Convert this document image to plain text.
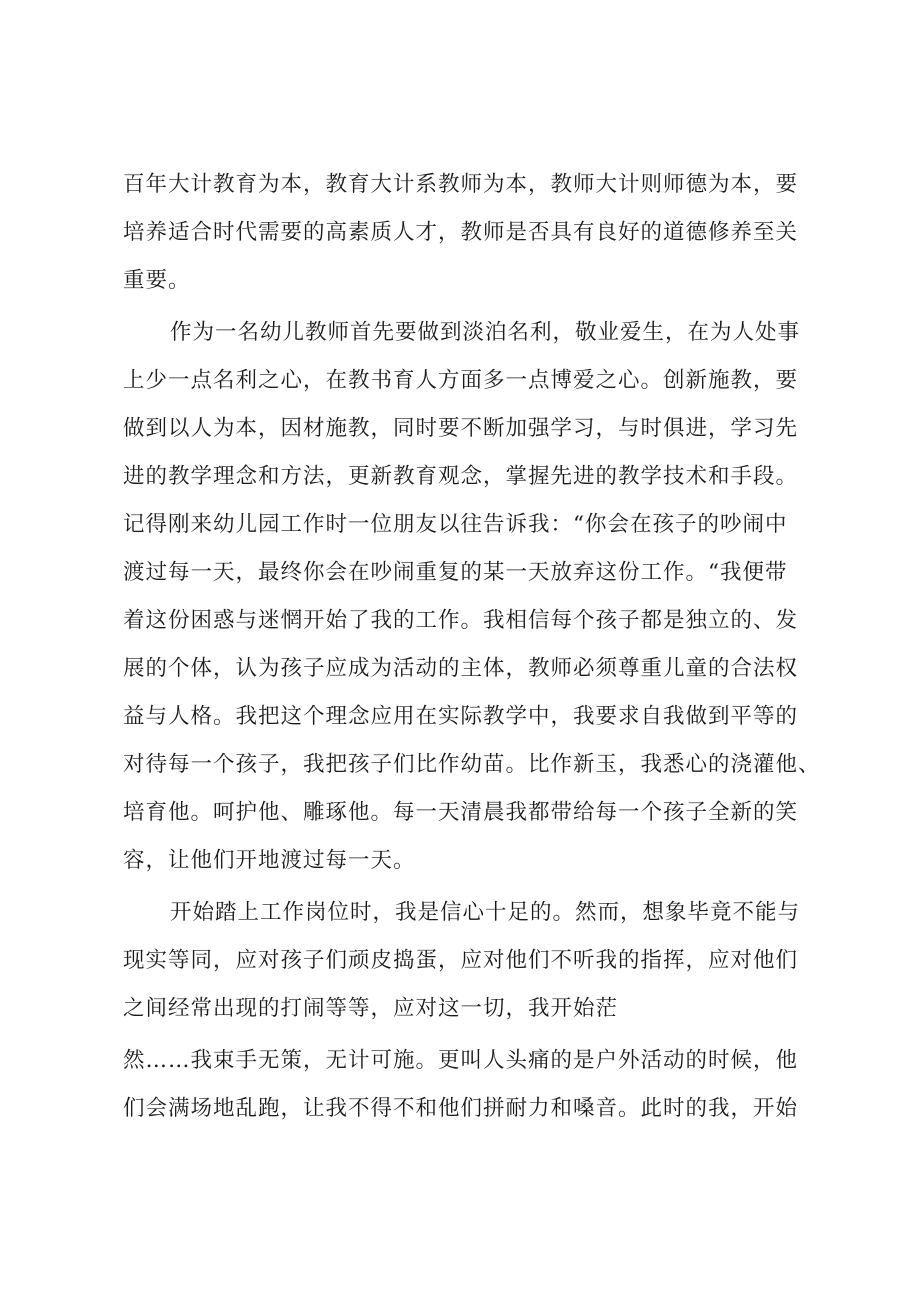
百年大计教育为本，教育大计系教师为本，教师大计则师德为本，要
培养适合时代需要的高素质人才，教师是否具有良好的道德修养至关
重要。
作为一名幼儿教师首先要做到淡泊名利，敬业爱生，在为人处事
上少一点名利之心，在教书育人方面多一点博爱之心。创新施教，要
做到以人为本，因材施教，同时要不断加强学习，与时俱进，学习先
进的教学理念和方法，更新教育观念，掌握先进的教学技术和手段。
记得刚来幼儿园工作时一位朋友以往告诉我：“你会在孩子的吵闹中
渡过每一天，最终你会在吵闹重复的某一天放弃这份工作。“我便带
着这份困惑与迷惘开始了我的工作。我相信每个孩子都是独立的、发
展的个体，认为孩子应成为活动的主体，教师必须尊重儿童的合法权
益与人格。我把这个理念应用在实际教学中，我要求自我做到平等的
对待每一个孩子，我把孩子们比作幼苗。比作新玉，我悉心的浇灌他、
培育他。呵护他、雕琢他。每一天清晨我都带给每一个孩子全新的笑
容，让他们开地渡过每一天。
开始踏上工作岗位时，我是信心十足的。然而，想象毕竟不能与
现实等同，应对孩子们顽皮捣蛋，应对他们不听我的指挥，应对他们
之间经常出现的打闹等等，应对这一切，我开始茫
然……我束手无策，无计可施。更叫人头痛的是户外活动的时候，他
们会满场地乱跑，让我不得不和他们拼耐力和嗓音。此时的我，开始
